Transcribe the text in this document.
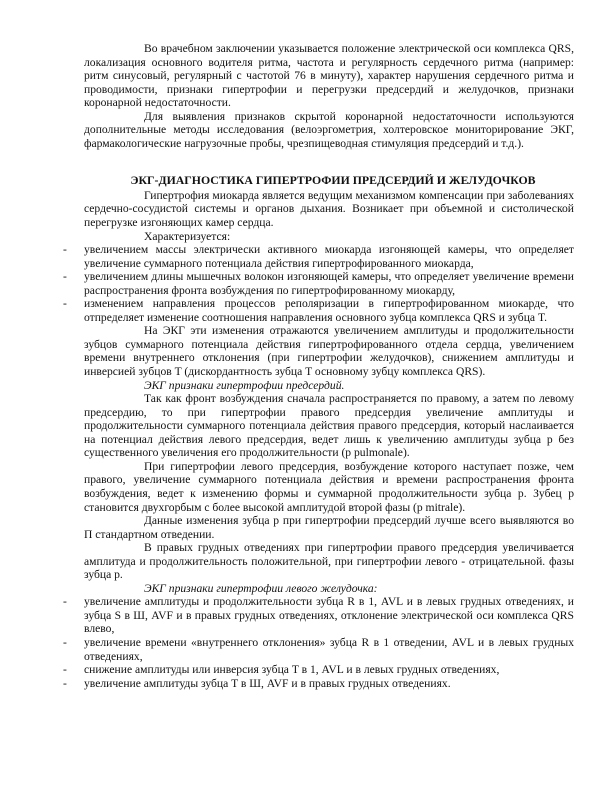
Во врачебном заключении указывается положение электрической оси комплекса QRS, локализация основного водителя ритма, частота и регулярность сердечного ритма (например: ритм синусовый, регулярный с частотой 76 в минуту), характер нарушения сердечного ритма и проводимости, признаки гипертрофии и перегрузки предсердий и желудочков, признаки коронарной недостаточности.

Для выявления признаков скрытой коронарной недостаточности используются дополнительные методы исследования (велоэргометрия, холтеровское мониторирование ЭКГ, фармакологические нагрузочные пробы, чрезпищеводная стимуляция предсердий и т.д.).

ЭКГ-ДИАГНОСТИКА ГИПЕРТРОФИИ ПРЕДСЕРДИЙ И ЖЕЛУДОЧКОВ

Гипертрофия миокарда является ведущим механизмом компенсации при заболеваниях сердечно-сосудистой системы и органов дыхания. Возникает при объемной и систолической перегрузке изгоняющих камер сердца.

Характеризуется:

- увеличением массы электрически активного миокарда изгоняющей камеры, что определяет увеличение суммарного потенциала действия гипертрофированного миокарда,
- увеличением длины мышечных волокон изгоняющей камеры, что определяет увеличение времени распространения фронта возбуждения по гипертрофированному миокарду,
- изменением направления процессов реполяризации в гипертрофированном миокарде, что отпределяет изменение соотношения направления основного зубца комплекса QRS и зубца T.

На ЭКГ эти изменения отражаются увеличением амплитуды и продолжительности зубцов суммарного потенциала действия гипертрофированного отдела сердца, увеличением времени внутреннего отклонения (при гипертрофии желудочков), снижением амплитуды и инверсией зубцов T (дискордантность зубца T основному зубцу комплекса QRS).

ЭКГ признаки гипертрофии предсердий.

Так как фронт возбуждения сначала распространяется по правому, а затем по левому предсердию, то при гипертрофии правого предсердия увеличение амплитуды и продолжительности суммарного потенциала действия правого предсердия, который наслаивается на потенциал действия левого предсердия, ведет лишь к увеличению амплитуды зубца p без существенного увеличения его продолжительности (p pulmonale).

При гипертрофии левого предсердия, возбуждение которого наступает позже, чем правого, увеличение суммарного потенциала действия и времени распространения фронта возбуждения, ведет к изменению формы и суммарной продолжительности зубца p. Зубец p становится двухгорбым с более высокой амплитудой второй фазы (p mitrale).

Данные изменения зубца p при гипертрофии предсердий лучше всего выявляются во П стандартном отведении.

В правых грудных отведениях при гипертрофии правого предсердия увеличивается амплитуда и продолжительность положительной, при гипертрофии левого - отрицательной. фазы зубца p.

ЭКГ признаки гипертрофии левого желудочка:

- увеличение амплитуды и продолжительности зубца R в 1, AVL и в левых грудных отведениях, и зубца S в Ш, AVF и в правых грудных отведениях, отклонение электрической оси комплекса QRS влево,
- увеличение времени «внутреннего отклонения» зубца R в 1 отведении, AVL и в левых грудных отведениях,
- снижение амплитуды или инверсия зубца T в 1, AVL и в левых грудных отведениях,
- увеличение амплитуды зубца T в Ш, AVF и в правых грудных отведениях.
